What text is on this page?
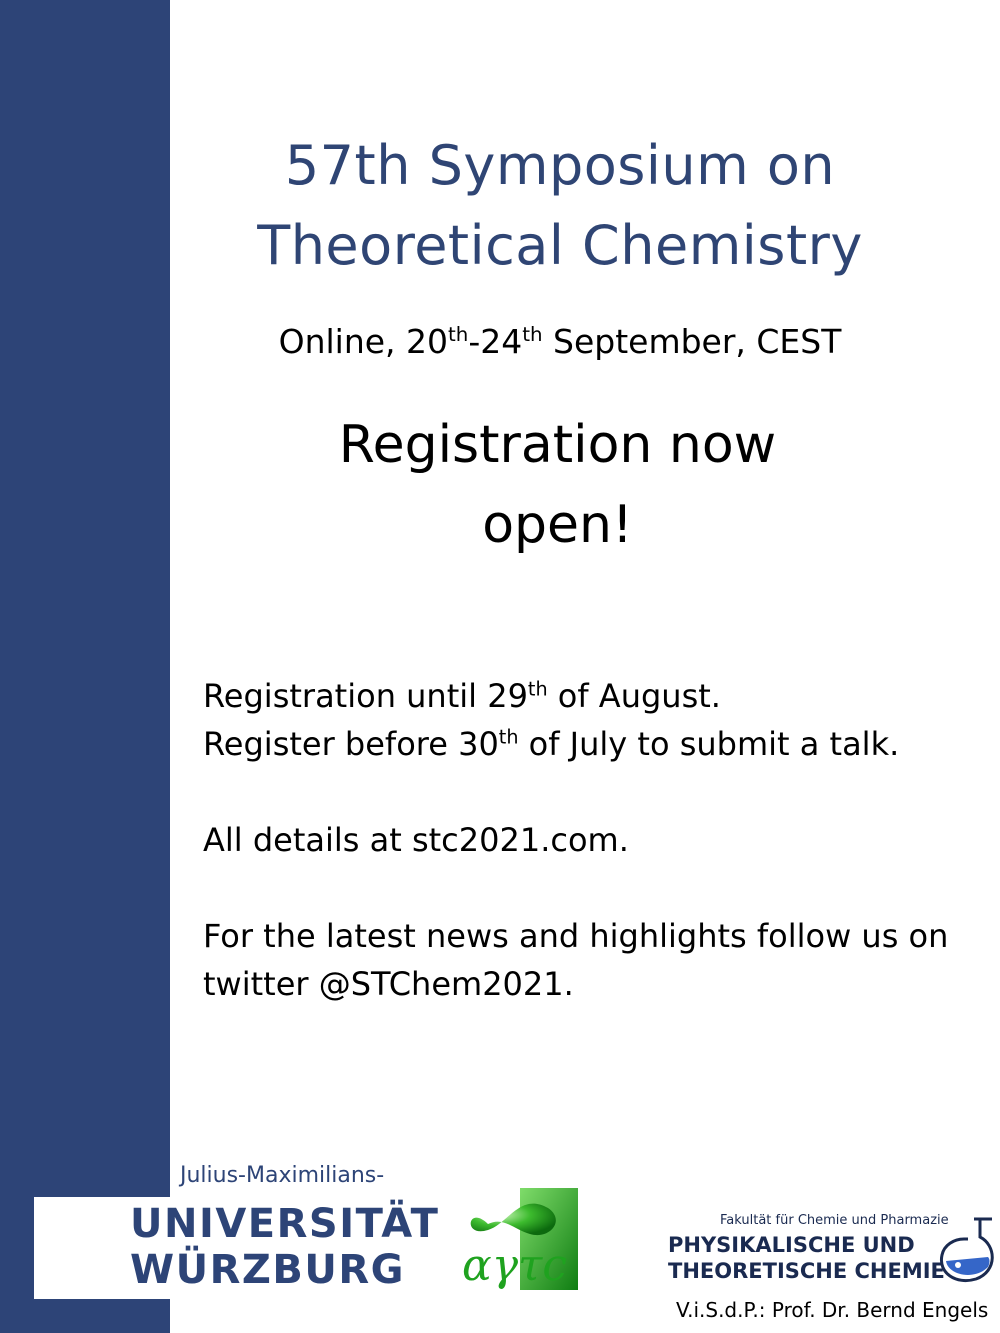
57th Symposium on
Theoretical Chemistry
Online, 20th-24th September, CEST
Registration now
open!

Registration until 29th of August.

Register before 30th of July to submit a talk.

All details at stc2021.com.

For the latest news and highlights follow us on

twitter @STChem2021.

Julius-Maximilians-
UNIVERSITÄT
WÜRZBURG αγτc
Fakultät für Chemie und Pharmazie
PHYSIKALISCHE UND
THEORETISCHE CHEMIE
V.i.S.d.P.: Prof. Dr. Bernd Engels
